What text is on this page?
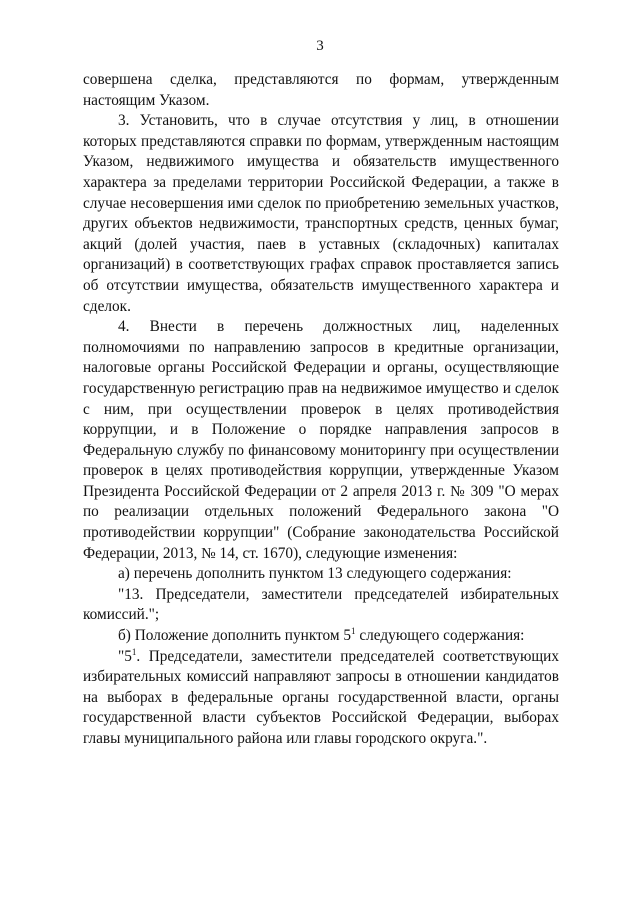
3

совершена сделка, представляются по формам, утвержденным настоящим Указом.

3. Установить, что в случае отсутствия у лиц, в отношении которых представляются справки по формам, утвержденным настоящим Указом, недвижимого имущества и обязательств имущественного характера за пределами территории Российской Федерации, а также в случае несовершения ими сделок по приобретению земельных участков, других объектов недвижимости, транспортных средств, ценных бумаг, акций (долей участия, паев в уставных (складочных) капиталах организаций) в соответствующих графах справок проставляется запись об отсутствии имущества, обязательств имущественного характера и сделок.

4. Внести в перечень должностных лиц, наделенных полномочиями по направлению запросов в кредитные организации, налоговые органы Российской Федерации и органы, осуществляющие государственную регистрацию прав на недвижимое имущество и сделок с ним, при осуществлении проверок в целях противодействия коррупции, и в Положение о порядке направления запросов в Федеральную службу по финансовому мониторингу при осуществлении проверок в целях противодействия коррупции, утвержденные Указом Президента Российской Федерации от 2 апреля 2013 г. № 309 "О мерах по реализации отдельных положений Федерального закона "О противодействии коррупции" (Собрание законодательства Российской Федерации, 2013, № 14, ст. 1670), следующие изменения:

а) перечень дополнить пунктом 13 следующего содержания:

"13. Председатели, заместители председателей избирательных комиссий.";

б) Положение дополнить пунктом $5^1$ следующего содержания:

"$5^1$. Председатели, заместители председателей соответствующих избирательных комиссий направляют запросы в отношении кандидатов на выборах в федеральные органы государственной власти, органы государственной власти субъектов Российской Федерации, выборах главы муниципального района или главы городского округа.".
